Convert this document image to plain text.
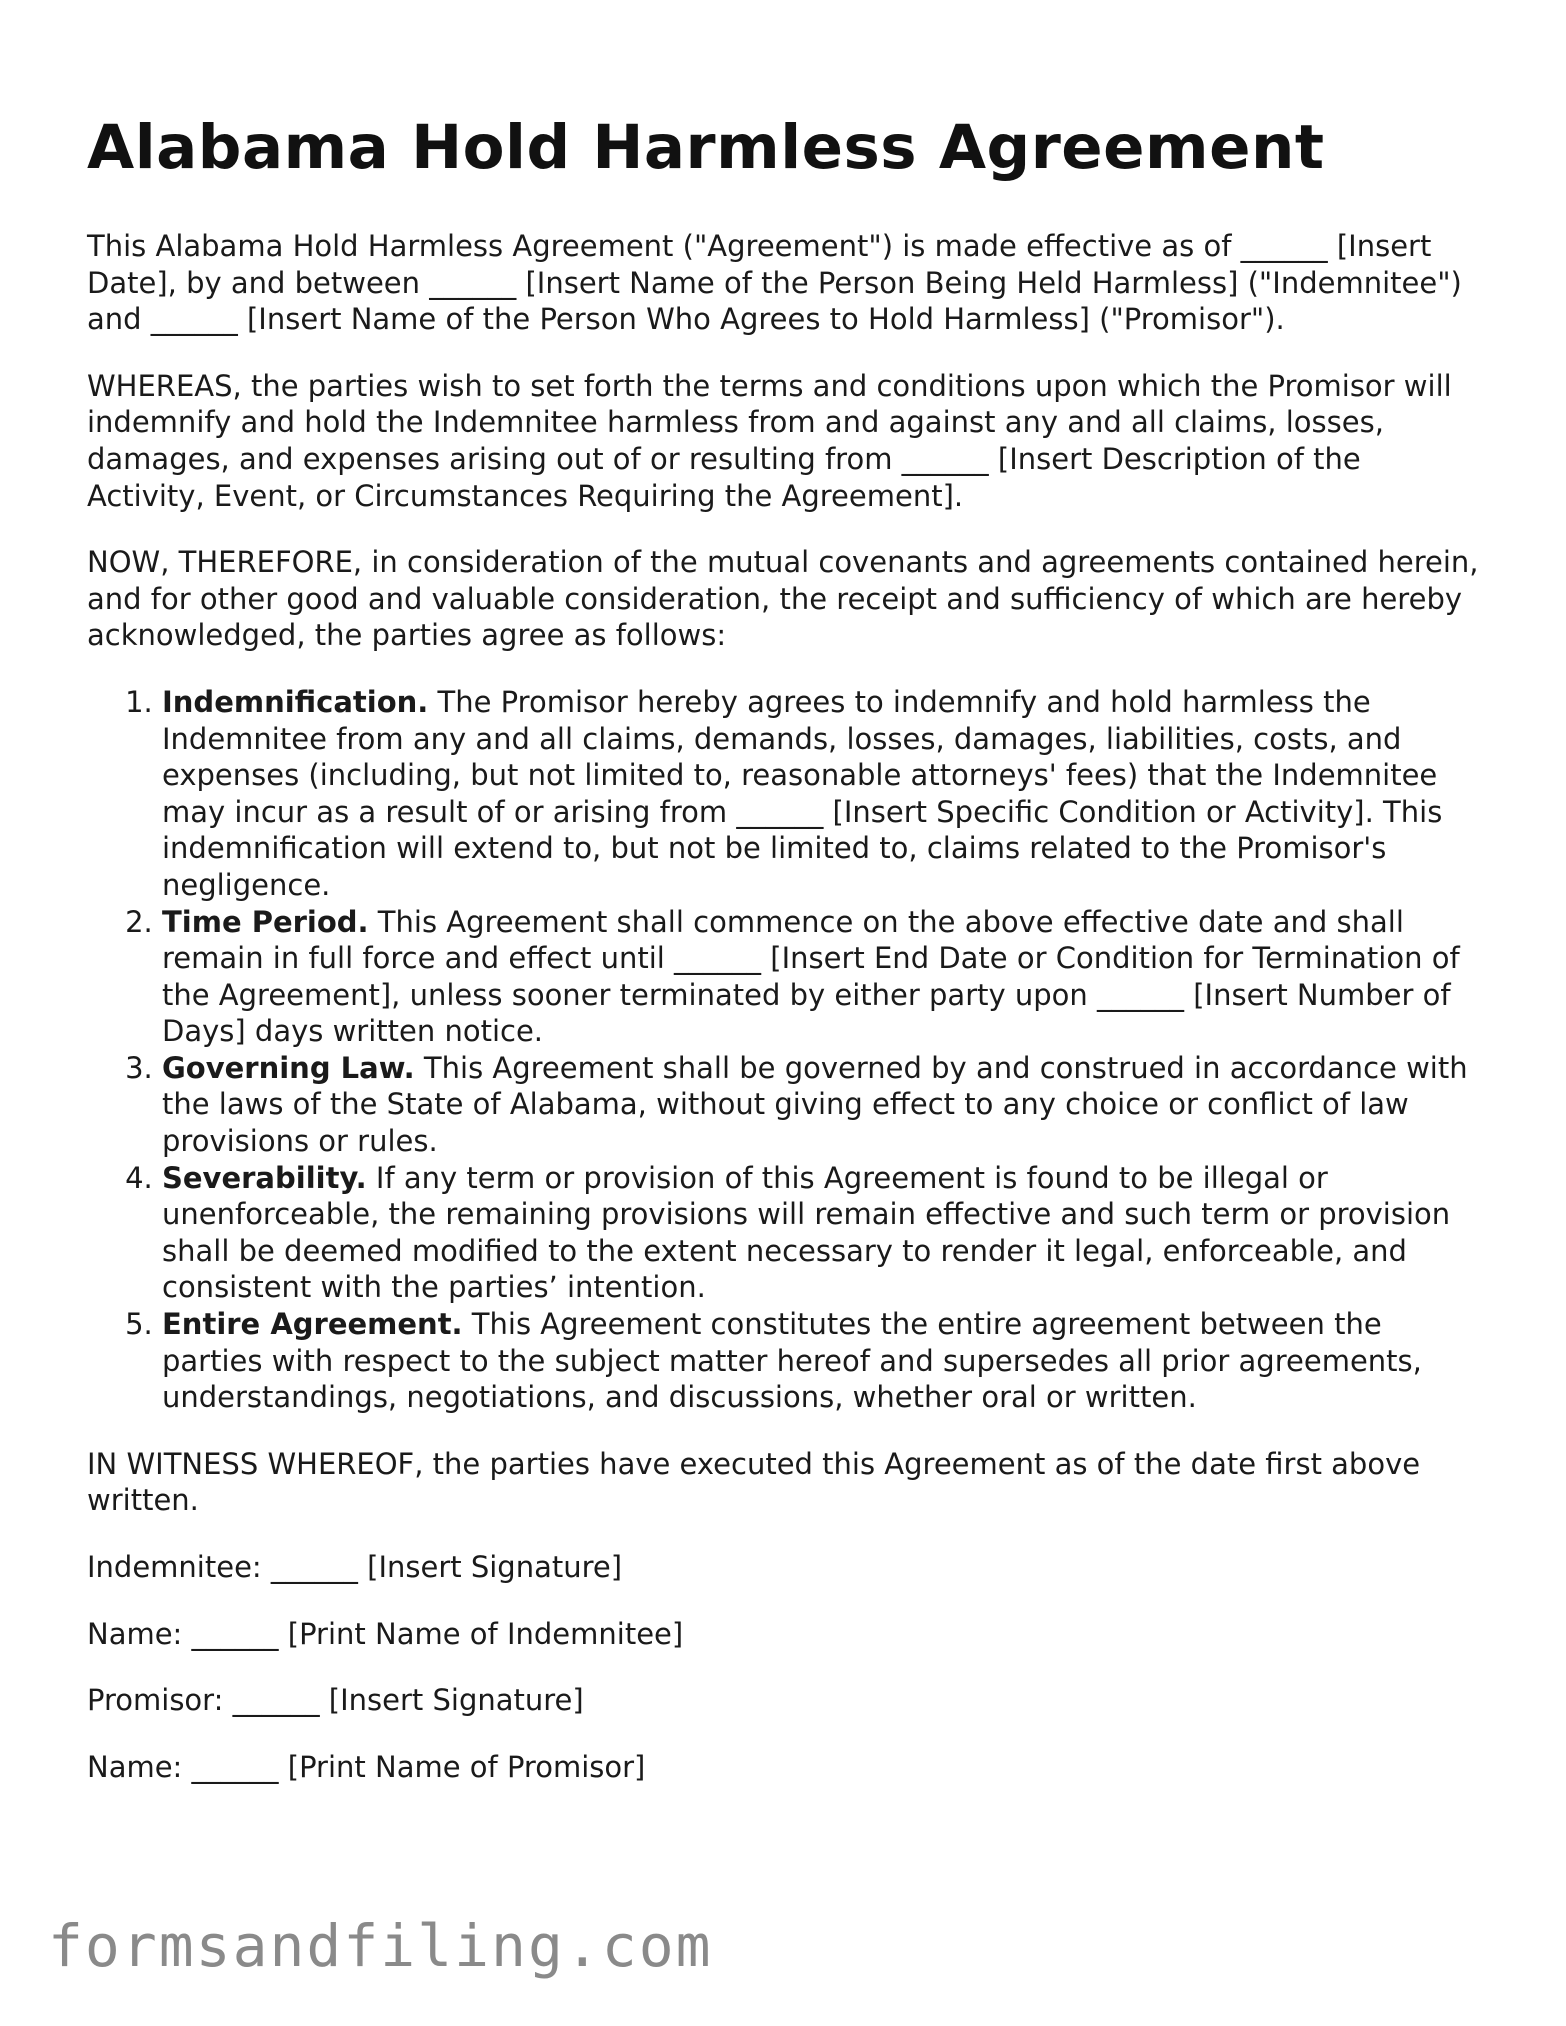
Alabama Hold Harmless Agreement

This Alabama Hold Harmless Agreement ("Agreement") is made effective as of ______ [Insert Date], by and between ______ [Insert Name of the Person Being Held Harmless] ("Indemnitee") and ______ [Insert Name of the Person Who Agrees to Hold Harmless] ("Promisor").

WHEREAS, the parties wish to set forth the terms and conditions upon which the Promisor will indemnify and hold the Indemnitee harmless from and against any and all claims, losses, damages, and expenses arising out of or resulting from ______ [Insert Description of the Activity, Event, or Circumstances Requiring the Agreement].

NOW, THEREFORE, in consideration of the mutual covenants and agreements contained herein, and for other good and valuable consideration, the receipt and sufficiency of which are hereby acknowledged, the parties agree as follows:

1. Indemnification. The Promisor hereby agrees to indemnify and hold harmless the Indemnitee from any and all claims, demands, losses, damages, liabilities, costs, and expenses (including, but not limited to, reasonable attorneys' fees) that the Indemnitee may incur as a result of or arising from ______ [Insert Specific Condition or Activity]. This indemnification will extend to, but not be limited to, claims related to the Promisor's negligence.
2. Time Period. This Agreement shall commence on the above effective date and shall remain in full force and effect until ______ [Insert End Date or Condition for Termination of the Agreement], unless sooner terminated by either party upon ______ [Insert Number of Days] days written notice.
3. Governing Law. This Agreement shall be governed by and construed in accordance with the laws of the State of Alabama, without giving effect to any choice or conflict of law provisions or rules.
4. Severability. If any term or provision of this Agreement is found to be illegal or unenforceable, the remaining provisions will remain effective and such term or provision shall be deemed modified to the extent necessary to render it legal, enforceable, and consistent with the parties’ intention.
5. Entire Agreement. This Agreement constitutes the entire agreement between the parties with respect to the subject matter hereof and supersedes all prior agreements, understandings, negotiations, and discussions, whether oral or written.

IN WITNESS WHEREOF, the parties have executed this Agreement as of the date first above written.

Indemnitee: ______ [Insert Signature]

Name: ______ [Print Name of Indemnitee]

Promisor: ______ [Insert Signature]

Name: ______ [Print Name of Promisor]

formsandfiling.com
